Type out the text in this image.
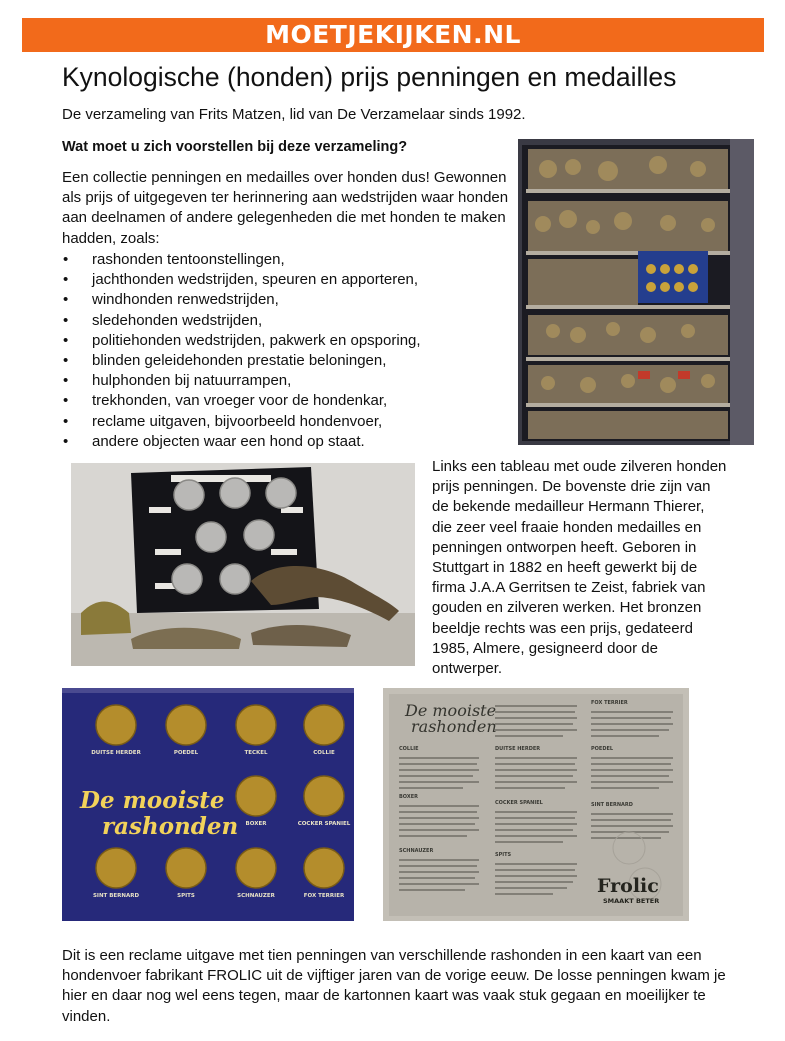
MOETJEKIJKEN.NL
Kynologische (honden) prijs penningen en medailles

De verzameling van Frits Matzen, lid van De Verzamelaar sinds 1992.

Wat moet u zich voorstellen bij deze verzameling?

Een collectie penningen en medailles over honden dus! Gewonnen als prijs of uitgegeven ter herinnering aan wedstrijden waar honden aan deelnamen of andere gelegenheden die met honden te maken hadden, zoals:

• rashonden tentoonstellingen,
• jachthonden wedstrijden, speuren en apporteren,
• windhonden renwedstrijden,
• sledehonden wedstrijden,
• politiehonden wedstrijden, pakwerk en opsporing,
• blinden geleidehonden prestatie beloningen,
• hulphonden bij natuurrampen,
• trekhonden, van vroeger voor de hondenkar,
• reclame uitgaven, bijvoorbeeld hondenvoer,
• andere objecten waar een hond op staat.

Links een tableau met oude zilveren honden prijs penningen. De bovenste drie zijn van de bekende medailleur Hermann Thierer, die zeer veel fraaie honden medailles en penningen ontworpen heeft. Geboren in Stuttgart in 1882 en heeft gewerkt bij de firma J.A.A Gerritsen te Zeist, fabriek van gouden en zilveren werken. Het bronzen beeldje rechts was een prijs, gedateerd 1985, Almere, gesigneerd door de ontwerper.

DUITSE HERDER	POEDEL	TECKEL	COLLIE
BOXER	COCKER SPANIEL
SINT BERNARD	SPITS	SCHNAUZER	FOX TERRIER
De mooiste
rashonden
De mooiste
rashonden
COLLIE
BOXER
SCHNAUZER
DUITSE HERDER
COCKER SPANIEL
SPITS
FOX TERRIER
POEDEL
SINT BERNARD
Frolic
SMAAKT BETER

Dit is een reclame uitgave met tien penningen van verschillende rashonden in een kaart van een hondenvoer fabrikant FROLIC uit de vijftiger jaren van de vorige eeuw. De losse penningen kwam je hier en daar nog wel eens tegen, maar de kartonnen kaart was vaak stuk gegaan en moeilijker te vinden.
